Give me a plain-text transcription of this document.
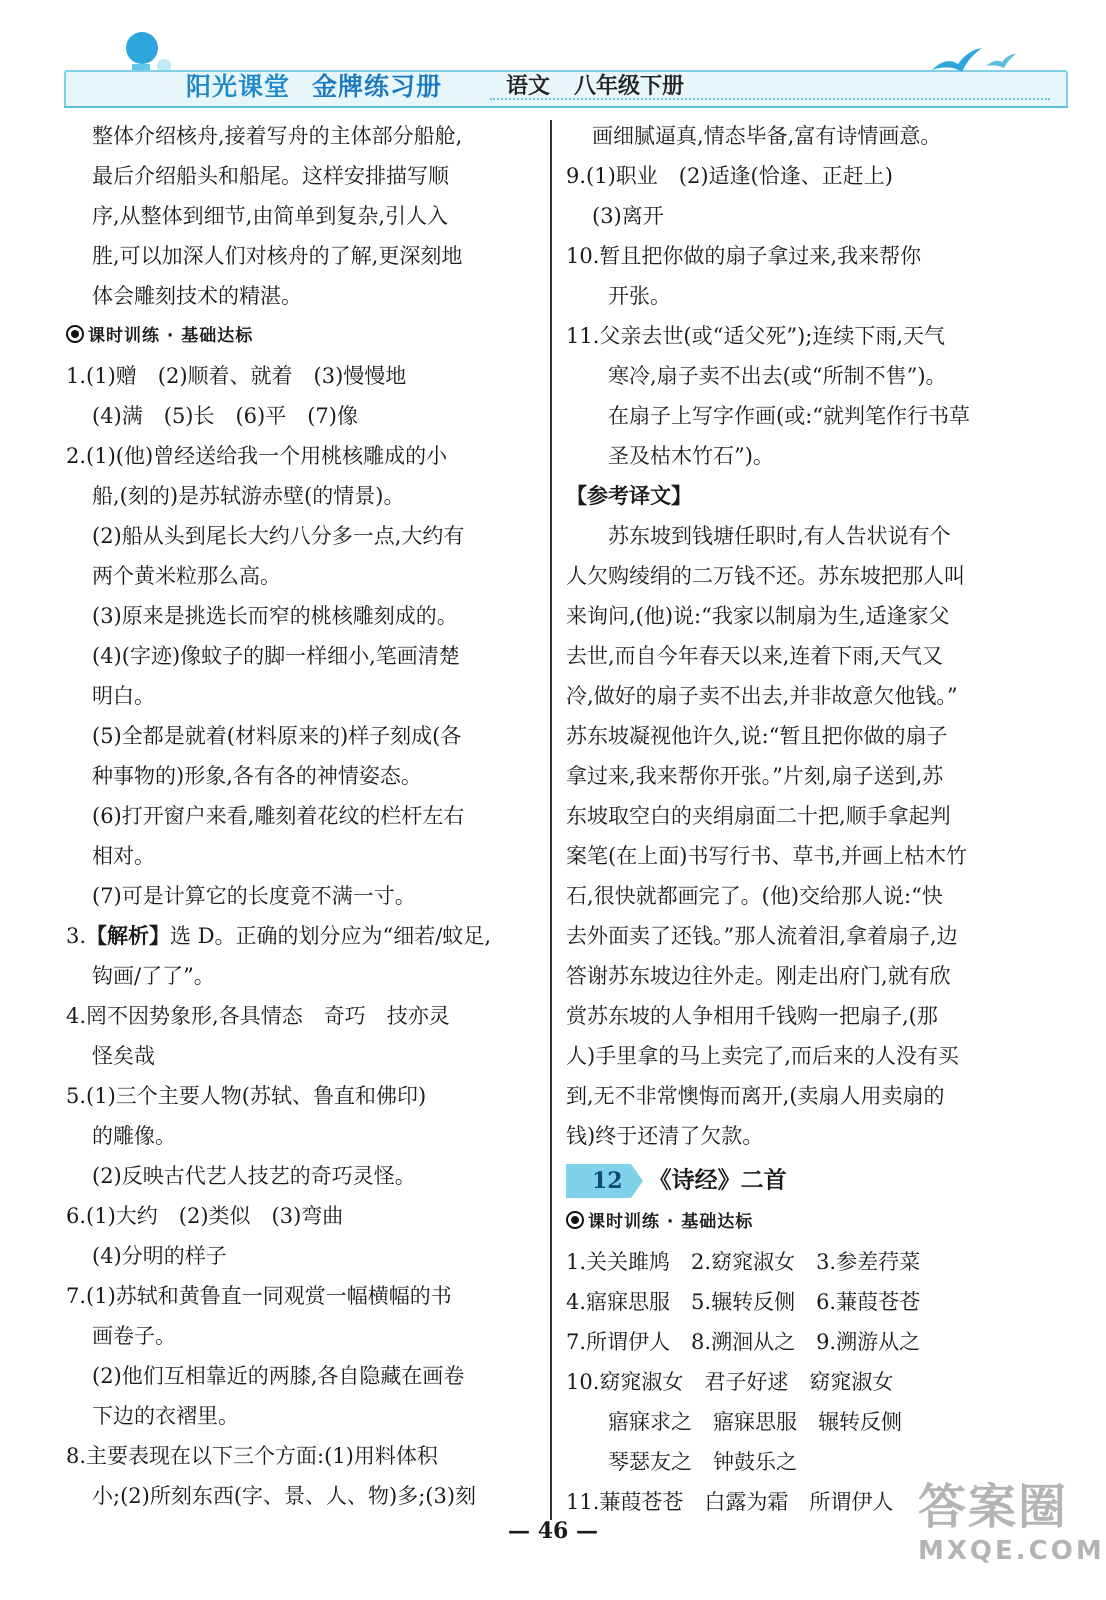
阳光课堂 金牌练习册	语文 八年级下册
整体介绍核舟,接着写舟的主体部分船舱,
最后介绍船头和船尾。这样安排描写顺
序,从整体到细节,由简单到复杂,引人入
胜,可以加深人们对核舟的了解,更深刻地
体会雕刻技术的精湛。
课时训练 · 基础达标
1.(1)赠　(2)顺着、就着　(3)慢慢地
(4)满　(5)长　(6)平　(7)像
2.(1)(他)曾经送给我一个用桃核雕成的小
船,(刻的)是苏轼游赤壁(的情景)。
(2)船从头到尾长大约八分多一点,大约有
两个黄米粒那么高。
(3)原来是挑选长而窄的桃核雕刻成的。
(4)(字迹)像蚊子的脚一样细小,笔画清楚
明白。
(5)全都是就着(材料原来的)样子刻成(各
种事物的)形象,各有各的神情姿态。
(6)打开窗户来看,雕刻着花纹的栏杆左右
相对。
(7)可是计算它的长度竟不满一寸。
3.【解析】选 D。正确的划分应为“细若/蚊足,
钩画/了了”。
4.罔不因势象形,各具情态　奇巧　技亦灵
怪矣哉
5.(1)三个主要人物(苏轼、鲁直和佛印)
的雕像。
(2)反映古代艺人技艺的奇巧灵怪。
6.(1)大约　(2)类似　(3)弯曲
(4)分明的样子
7.(1)苏轼和黄鲁直一同观赏一幅横幅的书
画卷子。
(2)他们互相靠近的两膝,各自隐藏在画卷
下边的衣褶里。
8.主要表现在以下三个方面:(1)用料体积
小;(2)所刻东西(字、景、人、物)多;(3)刻
画细腻逼真,情态毕备,富有诗情画意。
9.(1)职业　(2)适逢(恰逢、正赶上)
(3)离开
10.暂且把你做的扇子拿过来,我来帮你
开张。
11.父亲去世(或“适父死”);连续下雨,天气
寒冷,扇子卖不出去(或“所制不售”)。
在扇子上写字作画(或:“就判笔作行书草
圣及枯木竹石”)。
【参考译文】
苏东坡到钱塘任职时,有人告状说有个
人欠购绫绢的二万钱不还。苏东坡把那人叫
来询问,(他)说:“我家以制扇为生,适逢家父
去世,而自今年春天以来,连着下雨,天气又
冷,做好的扇子卖不出去,并非故意欠他钱。”
苏东坡凝视他许久,说:“暂且把你做的扇子
拿过来,我来帮你开张。”片刻,扇子送到,苏
东坡取空白的夹绢扇面二十把,顺手拿起判
案笔(在上面)书写行书、草书,并画上枯木竹
石,很快就都画完了。(他)交给那人说:“快
去外面卖了还钱。”那人流着泪,拿着扇子,边
答谢苏东坡边往外走。刚走出府门,就有欣
赏苏东坡的人争相用千钱购一把扇子,(那
人)手里拿的马上卖完了,而后来的人没有买
到,无不非常懊悔而离开,(卖扇人用卖扇的
钱)终于还清了欠款。
12 《诗经》二首
课时训练 · 基础达标
1.关关雎鸠　2.窈窕淑女　3.参差荇菜
4.寤寐思服　5.辗转反侧　6.蒹葭苍苍
7.所谓伊人　8.溯洄从之　9.溯游从之
10.窈窕淑女　君子好逑　窈窕淑女
寤寐求之　寤寐思服　辗转反侧
琴瑟友之　钟鼓乐之
11.蒹葭苍苍　白露为霜　所谓伊人
— 46 —	答案圈
MXQE.COM
